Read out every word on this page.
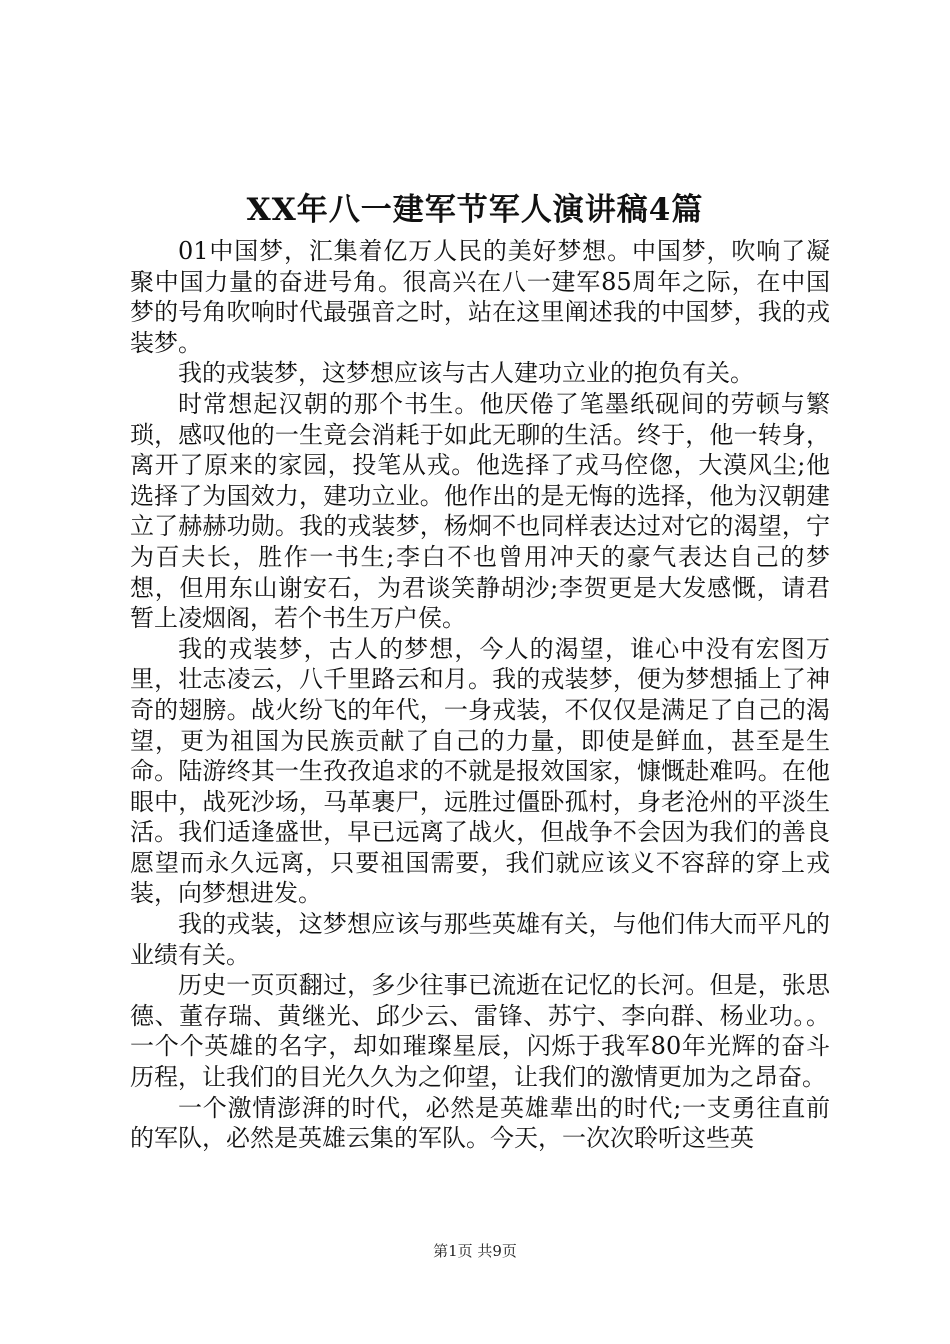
XX年八一建军节军人演讲稿4篇

01中国梦，汇集着亿万人民的美好梦想。中国梦，吹响了凝聚中国力量的奋进号角。很高兴在八一建军85周年之际，在中国梦的号角吹响时代最强音之时，站在这里阐述我的中国梦，我的戎装梦。

我的戎装梦，这梦想应该与古人建功立业的抱负有关。

时常想起汉朝的那个书生。他厌倦了笔墨纸砚间的劳顿与繁琐，感叹他的一生竟会消耗于如此无聊的生活。终于，他一转身，离开了原来的家园，投笔从戎。他选择了戎马倥偬，大漠风尘;他选择了为国效力，建功立业。他作出的是无悔的选择，他为汉朝建立了赫赫功勋。我的戎装梦，杨炯不也同样表达过对它的渴望，宁为百夫长，胜作一书生;李白不也曾用冲天的豪气表达自己的梦想，但用东山谢安石，为君谈笑静胡沙;李贺更是大发感慨，请君暂上凌烟阁，若个书生万户侯。

我的戎装梦，古人的梦想，今人的渴望，谁心中没有宏图万里，壮志凌云，八千里路云和月。我的戎装梦，便为梦想插上了神奇的翅膀。战火纷飞的年代，一身戎装，不仅仅是满足了自己的渴望，更为祖国为民族贡献了自己的力量，即使是鲜血，甚至是生命。陆游终其一生孜孜追求的不就是报效国家，慷慨赴难吗。在他眼中，战死沙场，马革裹尸，远胜过僵卧孤村，身老沧州的平淡生活。我们适逢盛世，早已远离了战火，但战争不会因为我们的善良愿望而永久远离，只要祖国需要，我们就应该义不容辞的穿上戎装，向梦想进发。

我的戎装，这梦想应该与那些英雄有关，与他们伟大而平凡的业绩有关。

历史一页页翻过，多少往事已流逝在记忆的长河。但是，张思德、董存瑞、黄继光、邱少云、雷锋、苏宁、李向群、杨业功。。一个个英雄的名字，却如璀璨星辰，闪烁于我军80年光辉的奋斗历程，让我们的目光久久为之仰望，让我们的激情更加为之昂奋。

一个激情澎湃的时代，必然是英雄辈出的时代;一支勇往直前的军队，必然是英雄云集的军队。今天，一次次聆听这些英

第1页 共9页
